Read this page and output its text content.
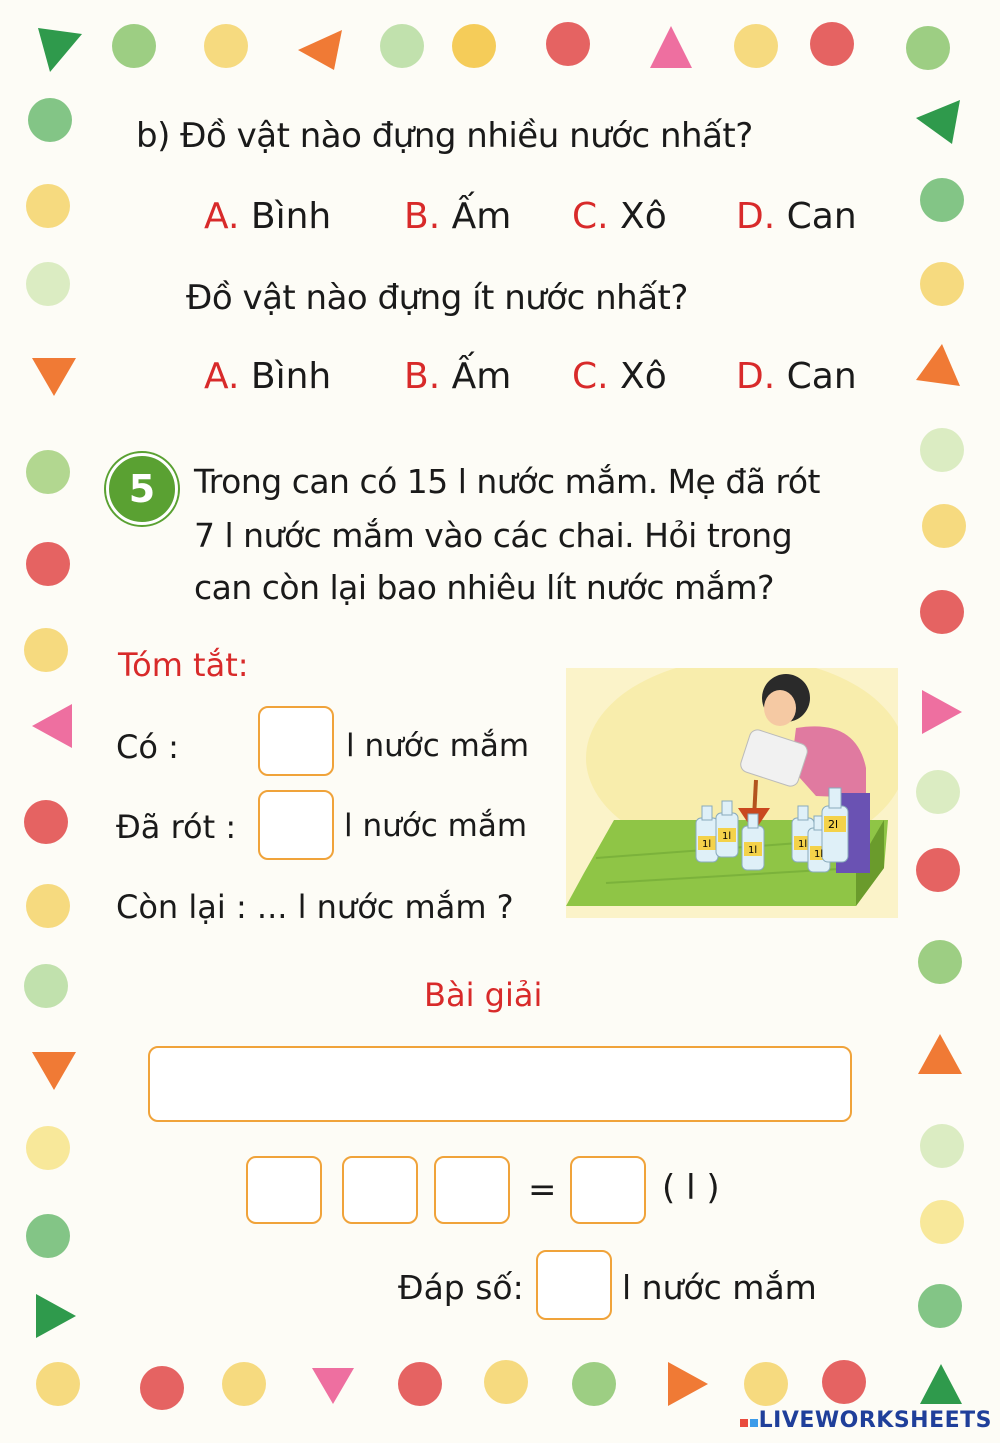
b) Đồ vật nào đựng nhiều nước nhất?
A. Bình B. Ấm C. Xô D. Can
Đồ vật nào đựng ít nước nhất?
A. Bình B. Ấm C. Xô D. Can
5	Trong can có 15 l nước mắm. Mẹ đã rót
7 l nước mắm vào các chai. Hỏi trong
can còn lại bao nhiêu lít nước mắm?
Tóm tắt:
Có :	l nước mắm
Đã rót :	l nước mắm
Còn lại : ... l nước mắm ?
1l
1l
1l
1l
1l
2l
Bài giải
=	( l )
Đáp số:	l nước mắm
LIVEWORKSHEETS
